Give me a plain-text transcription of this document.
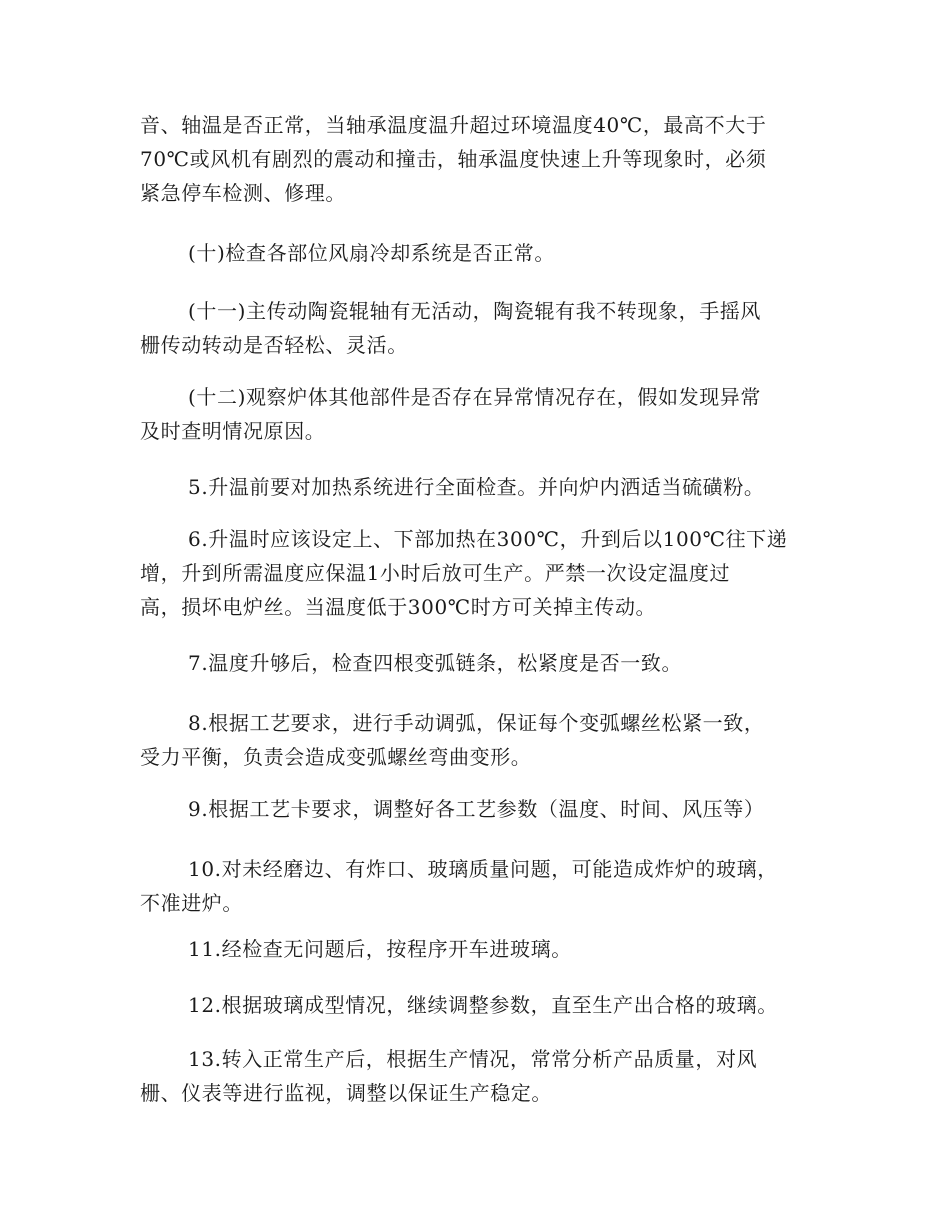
音、轴温是否正常，当轴承温度温升超过环境温度40℃，最高不大于
70℃或风机有剧烈的震动和撞击，轴承温度快速上升等现象时，必须
紧急停车检测、修理。

(十)检查各部位风扇冷却系统是否正常。

(十一)主传动陶瓷辊轴有无活动，陶瓷辊有我不转现象，手摇风
栅传动转动是否轻松、灵活。

(十二)观察炉体其他部件是否存在异常情况存在，假如发现异常
及时查明情况原因。

5.升温前要对加热系统进行全面检查。并向炉内洒适当硫磺粉。

6.升温时应该设定上、下部加热在300℃，升到后以100℃往下递
增，升到所需温度应保温1小时后放可生产。严禁一次设定温度过
高，损坏电炉丝。当温度低于300℃时方可关掉主传动。

7.温度升够后，检查四根变弧链条，松紧度是否一致。

8.根据工艺要求，进行手动调弧，保证每个变弧螺丝松紧一致，
受力平衡，负责会造成变弧螺丝弯曲变形。

9.根据工艺卡要求，调整好各工艺参数（温度、时间、风压等）

10.对未经磨边、有炸口、玻璃质量问题，可能造成炸炉的玻璃，
不准进炉。

11.经检查无问题后，按程序开车进玻璃。

12.根据玻璃成型情况，继续调整参数，直至生产出合格的玻璃。

13.转入正常生产后，根据生产情况，常常分析产品质量，对风
栅、仪表等进行监视，调整以保证生产稳定。
